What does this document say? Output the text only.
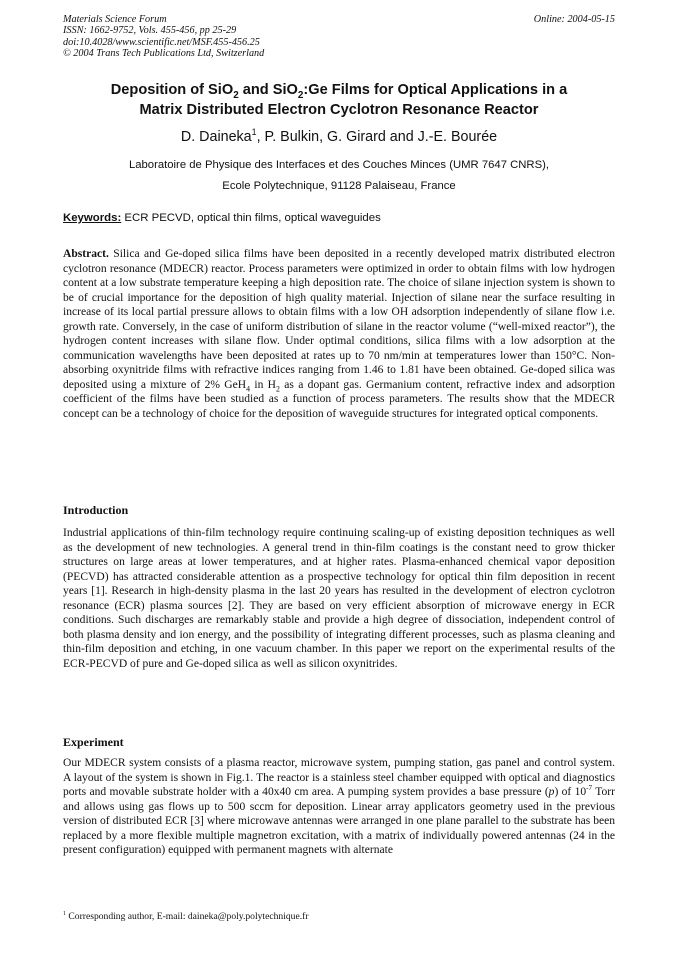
Materials Science Forum
ISSN: 1662-9752, Vols. 455-456, pp 25-29
doi:10.4028/www.scientific.net/MSF.455-456.25
© 2004 Trans Tech Publications Ltd, Switzerland
Online: 2004-05-15
Deposition of SiO$_2$ and SiO$_2$:Ge Films for Optical Applications in a
Matrix Distributed Electron Cyclotron Resonance Reactor
D. Daineka$^1$, P. Bulkin, G. Girard and J.-E. Bourée
Laboratoire de Physique des Interfaces et des Couches Minces (UMR 7647 CNRS),
Ecole Polytechnique, 91128 Palaiseau, France
Keywords: ECR PECVD, optical thin films, optical waveguides
Abstract. Silica and Ge-doped silica films have been deposited in a recently developed matrix distributed electron cyclotron resonance (MDECR) reactor. Process parameters were optimized in order to obtain films with low hydrogen content at a low substrate temperature keeping a high deposition rate. The choice of silane injection system is shown to be of crucial importance for the deposition of high quality material. Injection of silane near the surface resulting in increase of its local partial pressure allows to obtain films with a low OH adsorption independently of silane flow i.e. growth rate. Conversely, in the case of uniform distribution of silane in the reactor volume (“well-mixed reactor”), the hydrogen content increases with silane flow. Under optimal conditions, silica films with a low adsorption at the communication wavelengths have been deposited at rates up to 70 nm/min at temperatures lower than 150°C. Non-absorbing oxynitride films with refractive indices ranging from 1.46 to 1.81 have been obtained. Ge-doped silica was deposited using a mixture of 2% GeH$_4$ in $H_2$ as a dopant gas. Germanium content, refractive index and adsorption coefficient of the films have been studied as a function of process parameters. The results show that the MDECR concept can be a technology of choice for the deposition of waveguide structures for integrated optical components.
Introduction
Industrial applications of thin-film technology require continuing scaling-up of existing deposition techniques as well as the development of new technologies. A general trend in thin-film coatings is the constant need to grow thicker structures on large areas at lower temperatures, and at higher rates. Plasma-enhanced chemical vapor deposition (PECVD) has attracted considerable attention as a prospective technology for optical thin film deposition in recent years [1]. Research in high-density plasma in the last 20 years has resulted in the development of electron cyclotron resonance (ECR) plasma sources [2]. They are based on very efficient absorption of microwave energy in ECR conditions. Such discharges are remarkably stable and provide a high degree of dissociation, independent control of both plasma density and ion energy, and the possibility of integrating different processes, such as plasma cleaning and thin-film deposition and etching, in one vacuum chamber. In this paper we report on the experimental results of the ECR-PECVD of pure and Ge-doped silica as well as silicon oxynitrides.
Experiment
Our MDECR system consists of a plasma reactor, microwave system, pumping station, gas panel and control system. A layout of the system is shown in Fig.1. The reactor is a stainless steel chamber equipped with optical and diagnostics ports and movable substrate holder with a 40x40 cm area. A pumping system provides a base pressure (p) of $10^{-7}$ Torr and allows using gas flows up to 500 sccm for deposition. Linear array applicators geometry used in the previous version of distributed ECR [3] where microwave antennas were arranged in one plane parallel to the substrate has been replaced by a more flexible multiple magnetron excitation, with a matrix of individually powered antennas (24 in the present configuration) equipped with permanent magnets with alternate
$^1$ Corresponding author, E-mail: daineka@poly.polytechnique.fr
